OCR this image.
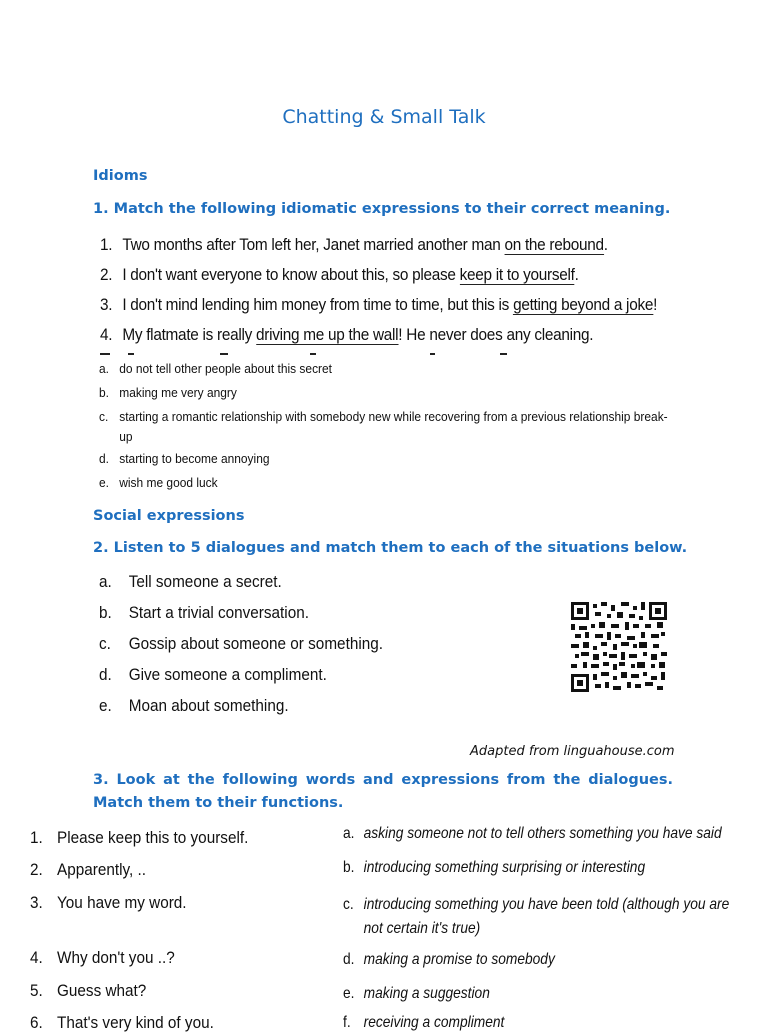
Chatting & Small Talk
Idioms
1. Match the following idiomatic expressions to their correct meaning.
1. Two months after Tom left her, Janet married another man on the rebound.
2. I don't want everyone to know about this, so please keep it to yourself.
3. I don't mind lending him money from time to time, but this is getting beyond a joke!
4. My flatmate is really driving me up the wall! He never does any cleaning.
a. do not tell other people about this secret
b. making me very angry
c. starting a romantic relationship with somebody new while recovering from a previous relationship break-up
d. starting to become annoying
e. wish me good luck
Social expressions
2. Listen to 5 dialogues and match them to each of the situations below.
a. Tell someone a secret.
b. Start a trivial conversation.
c. Gossip about someone or something.
d. Give someone a compliment.
e. Moan about something.
Adapted from linguahouse.com
3. Look at the following words and expressions from the dialogues. Match them to their functions.
1. Please keep this to yourself.
2. Apparently, ..
3. You have my word.
4. Why don't you ..?
5. Guess what?
6. That's very kind of you.
a. asking someone not to tell others something you have said
b. introducing something surprising or interesting
c. introducing something you have been told (although you are not certain it's true)
d. making a promise to somebody
e. making a suggestion
f. receiving a compliment
